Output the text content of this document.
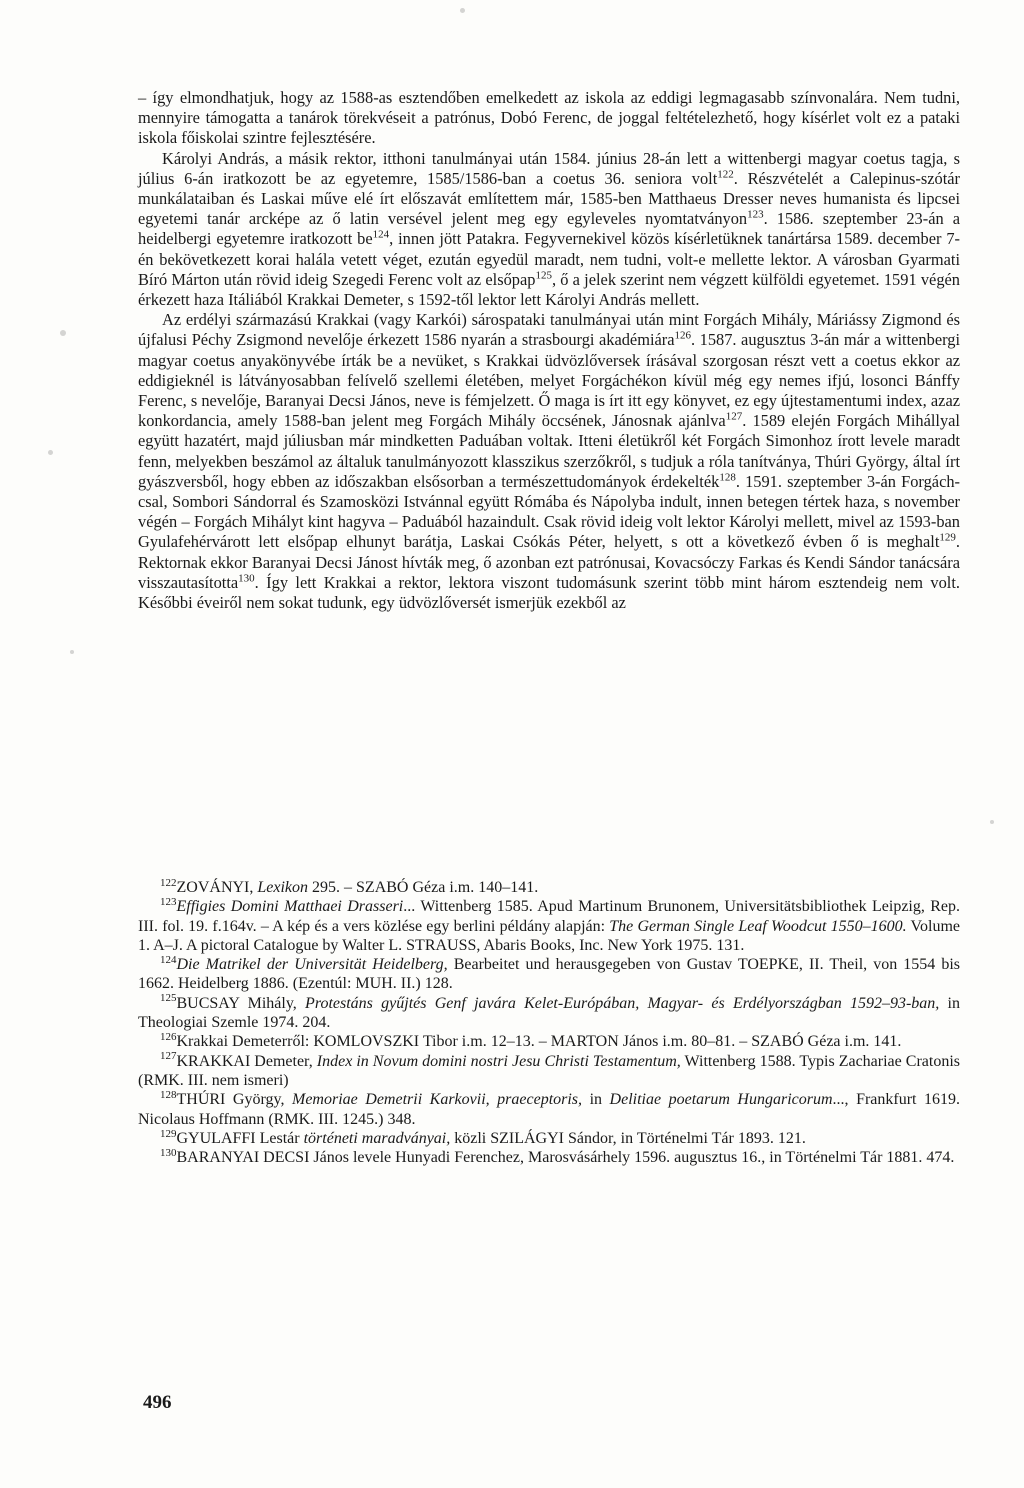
– így elmondhatjuk, hogy az 1588-as esztendőben emelkedett az iskola az eddigi legmagasabb színvonalára. Nem tudni, mennyire támogatta a tanárok törekvéseit a patrónus, Dobó Ferenc, de joggal feltételezhető, hogy kísérlet volt ez a pataki iskola főiskolai szintre fejlesztésére.

Károlyi András, a másik rektor, itthoni tanulmányai után 1584. június 28-án lett a wittenbergi magyar coetus tagja, s július 6-án iratkozott be az egyetemre, 1585/1586-ban a coetus 36. seniora volt$^{122}$. Részvételét a Calepinus-szótár munkálataiban és Laskai műve elé írt előszavát említettem már, 1585-ben Matthaeus Dresser neves humanista és lipcsei egyetemi tanár arcképe az ő latin versével jelent meg egy egyleveles nyomtatványon$^{123}$. 1586. szeptember 23-án a heidelbergi egyetemre iratkozott $be^{124}$, innen jött Patakra. Fegyvernekivel közös kísérletüknek tanártársa 1589. december 7-én bekövetkezett korai halála vetett véget, ezután egyedül maradt, nem tudni, volt-e mellette lektor. A városban Gyarmati Bíró Márton után rövid ideig Szegedi Ferenc volt az elsőpap$^{125}$, ő a jelek szerint nem végzett külföldi egyetemet. 1591 végén érkezett haza Itáliából Krakkai Demeter, s 1592-től lektor lett Károlyi András mellett.

Az erdélyi származású Krakkai (vagy Karkói) sárospataki tanulmányai után mint Forgách Mihály, Máriássy Zigmond és újfalusi Péchy Zsigmond nevelője érkezett 1586 nyarán a strasbourgi akadémiára$^{126}$. 1587. augusztus 3-án már a wittenbergi magyar coetus anyakönyvébe írták be a nevüket, s Krakkai üdvözlőversek írásával szorgosan részt vett a coetus ekkor az eddigieknél is látványosabban felívelő szellemi életében, melyet Forgáchékon kívül még egy nemes ifjú, losonci Bánffy Ferenc, s nevelője, Baranyai Decsi János, neve is fémjelzett. Ő maga is írt itt egy könyvet, ez egy újtestamentumi index, azaz konkordancia, amely 1588-ban jelent meg Forgách Mihály öccsének, Jánosnak ajánlva$^{127}$. 1589 elején Forgách Mihállyal együtt hazatért, majd júliusban már mindketten Paduában voltak. Itteni életükről két Forgách Simonhoz írott levele maradt fenn, melyekben beszámol az általuk tanulmányozott klasszikus szerzőkről, s tudjuk a róla tanítványa, Thúri György, által írt gyászversből, hogy ebben az időszakban elsősorban a természettudományok érdekelték$^{128}$. 1591. szeptember 3-án Forgách-csal, Sombori Sándorral és Szamosközi Istvánnal együtt Rómába és Nápolyba indult, innen betegen tértek haza, s november végén – Forgách Mihályt kint hagyva – Paduából hazaindult. Csak rövid ideig volt lektor Károlyi mellett, mivel az 1593-ban Gyulafehérvárott lett elsőpap elhunyt barátja, Laskai Csókás Péter, helyett, s ott a következő évben ő is meghalt$^{129}$. Rektornak ekkor Baranyai Decsi Jánost hívták meg, ő azonban ezt patrónusai, Kovacsóczy Farkas és Kendi Sándor tanácsára visszautasította$^{130}$. Így lett Krakkai a rektor, lektora viszont tudomásunk szerint több mint három esztendeig nem volt. Későbbi éveiről nem sokat tudunk, egy üdvözlőversét ismerjük ezekből az

$^{122}$ZOVÁNYI, Lexikon 295. – SZABÓ Géza i.m. 140–141.

$^{123}$Effigies Domini Matthaei Drasseri... Wittenberg 1585. Apud Martinum Brunonem, Universitätsbibliothek Leipzig, Rep. III. fol. 19. f.164v. – A kép és a vers közlése egy berlini példány alapján: The German Single Leaf Woodcut 1550–1600. Volume 1. A–J. A pictoral Catalogue by Walter L. STRAUSS, Abaris Books, Inc. New York 1975. 131.

$^{124}$Die Matrikel der Universität Heidelberg, Bearbeitet und herausgegeben von Gustav TOEPKE, II. Theil, von 1554 bis 1662. Heidelberg 1886. (Ezentúl: MUH. II.) 128.

$^{125}$BUCSAY Mihály, Protestáns gyűjtés Genf javára Kelet-Európában, Magyar- és Erdélyországban 1592–93-ban, in Theologiai Szemle 1974. 204.

$^{126}$Krakkai Demeterről: KOMLOVSZKI Tibor i.m. 12–13. – MARTON János i.m. 80–81. – SZABÓ Géza i.m. 141.

$^{127}$KRAKKAI Demeter, Index in Novum domini nostri Jesu Christi Testamentum, Wittenberg 1588. Typis Zachariae Cratonis (RMK. III. nem ismeri)

$^{128}$THÚRI György, Memoriae Demetrii Karkovii, praeceptoris, in Delitiae poetarum Hungaricorum..., Frankfurt 1619. Nicolaus Hoffmann (RMK. III. 1245.) 348.

$^{129}$GYULAFFI Lestár történeti maradványai, közli SZILÁGYI Sándor, in Történelmi Tár 1893. 121.

$^{130}$BARANYAI DECSI János levele Hunyadi Ferenchez, Marosvásárhely 1596. augusztus 16., in Történelmi Tár 1881. 474.

496
